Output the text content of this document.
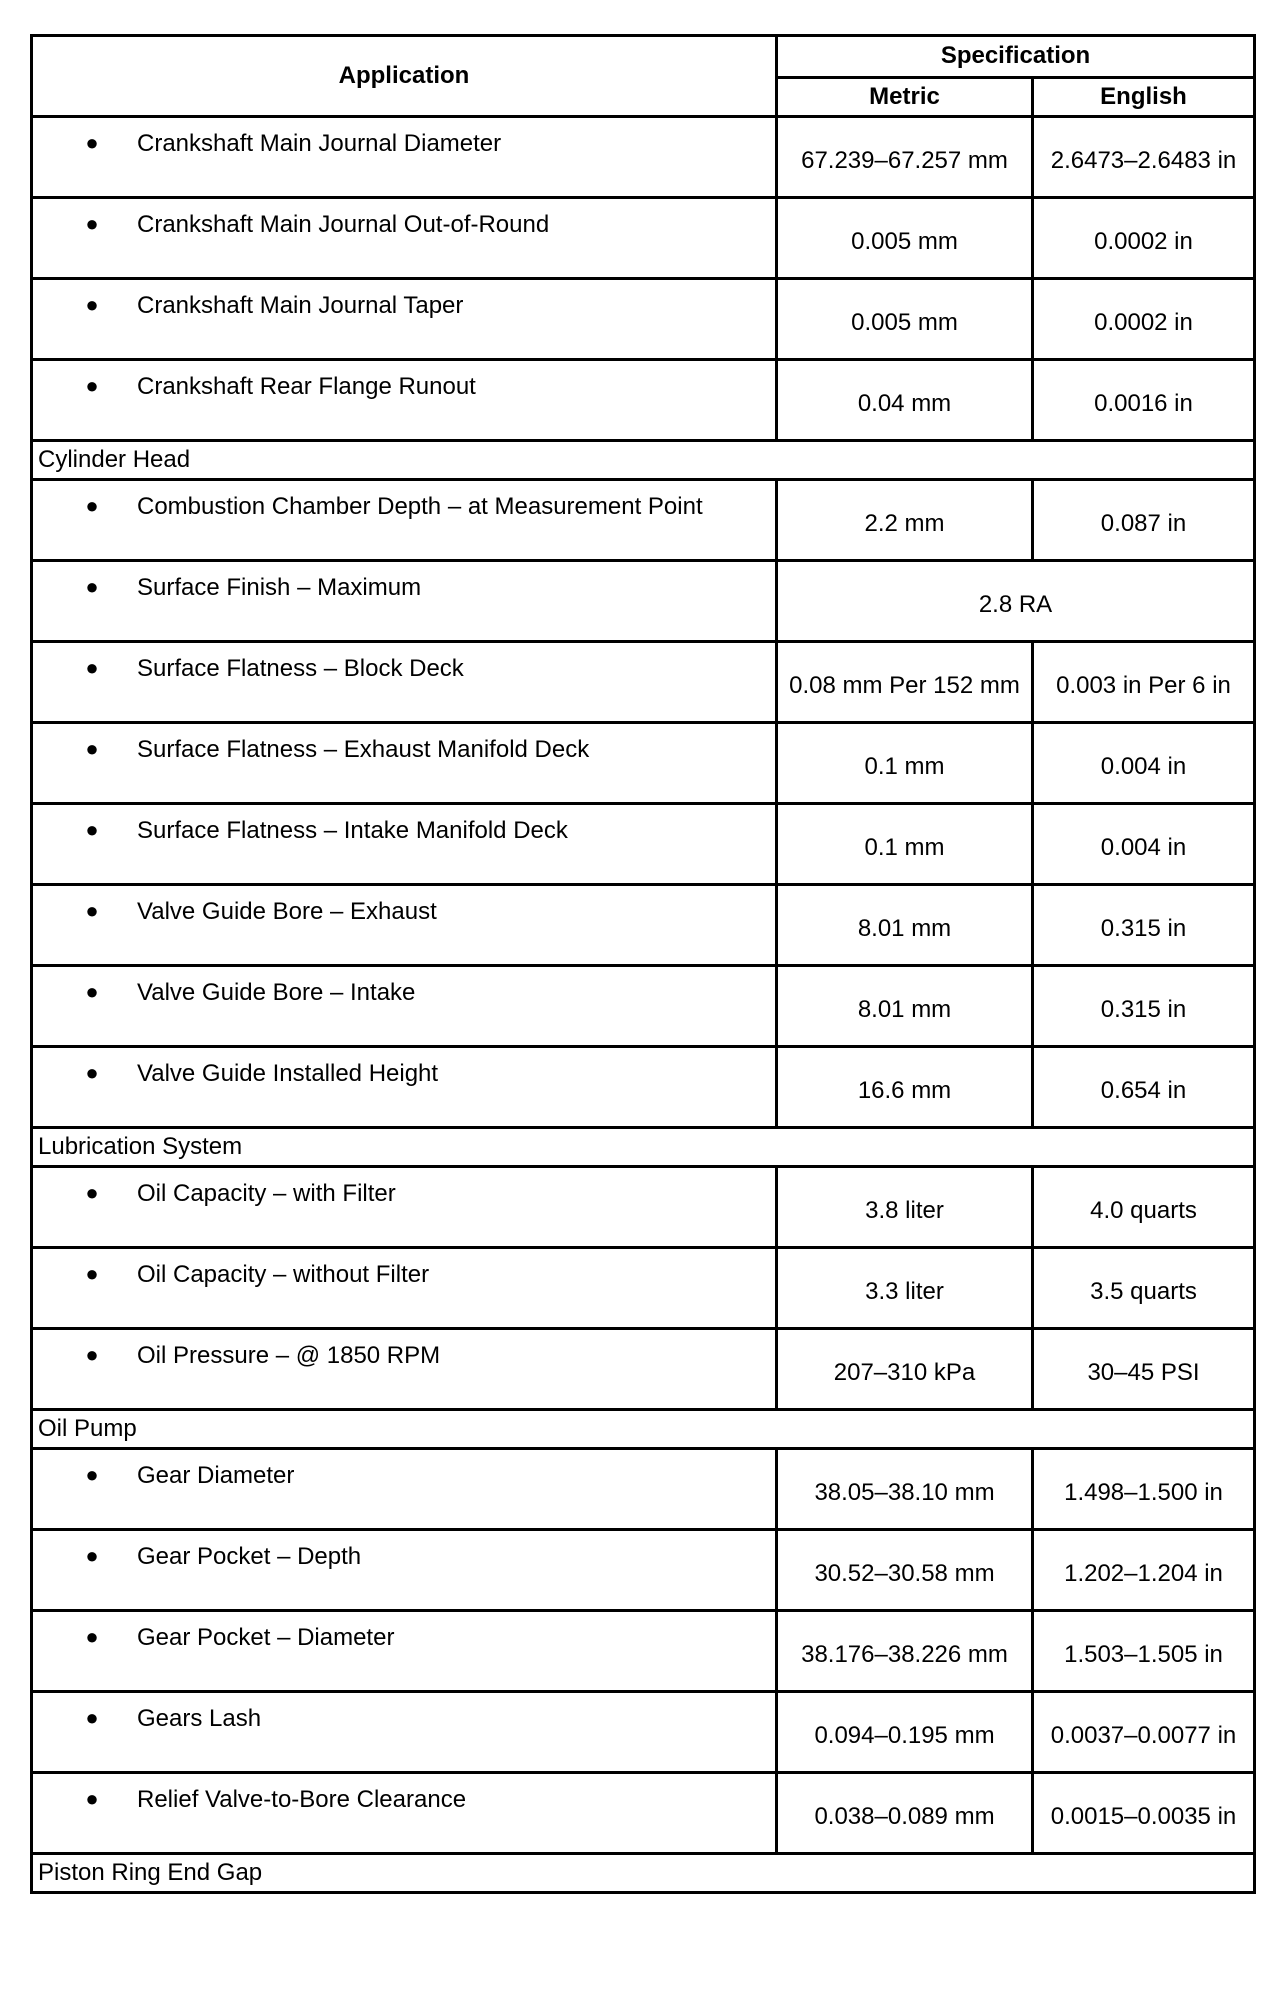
Application	Specification	
	Metric	English

● Crankshaft Main Journal Diameter	67.239–67.257 mm	2.6473–2.6483 in

● Crankshaft Main Journal Out-of-Round	0.005 mm	0.0002 in

● Crankshaft Main Journal Taper	0.005 mm	0.0002 in

● Crankshaft Rear Flange Runout	0.04 mm	0.0016 in
Cylinder Head		

● Combustion Chamber Depth – at Measurement Point	2.2 mm	0.087 in

● Surface Finish – Maximum	2.8 RA	

● Surface Flatness – Block Deck	0.08 mm Per 152 mm	0.003 in Per 6 in

● Surface Flatness – Exhaust Manifold Deck	0.1 mm	0.004 in

● Surface Flatness – Intake Manifold Deck	0.1 mm	0.004 in

● Valve Guide Bore – Exhaust	8.01 mm	0.315 in

● Valve Guide Bore – Intake	8.01 mm	0.315 in

● Valve Guide Installed Height	16.6 mm	0.654 in
Lubrication System		

● Oil Capacity – with Filter	3.8 liter	4.0 quarts

● Oil Capacity – without Filter	3.3 liter	3.5 quarts

● Oil Pressure – @ 1850 RPM	207–310 kPa	30–45 PSI
Oil Pump		

● Gear Diameter	38.05–38.10 mm	1.498–1.500 in

● Gear Pocket – Depth	30.52–30.58 mm	1.202–1.204 in

● Gear Pocket – Diameter	38.176–38.226 mm	1.503–1.505 in

● Gears Lash	0.094–0.195 mm	0.0037–0.0077 in

● Relief Valve-to-Bore Clearance	0.038–0.089 mm	0.0015–0.0035 in
Piston Ring End Gap		
